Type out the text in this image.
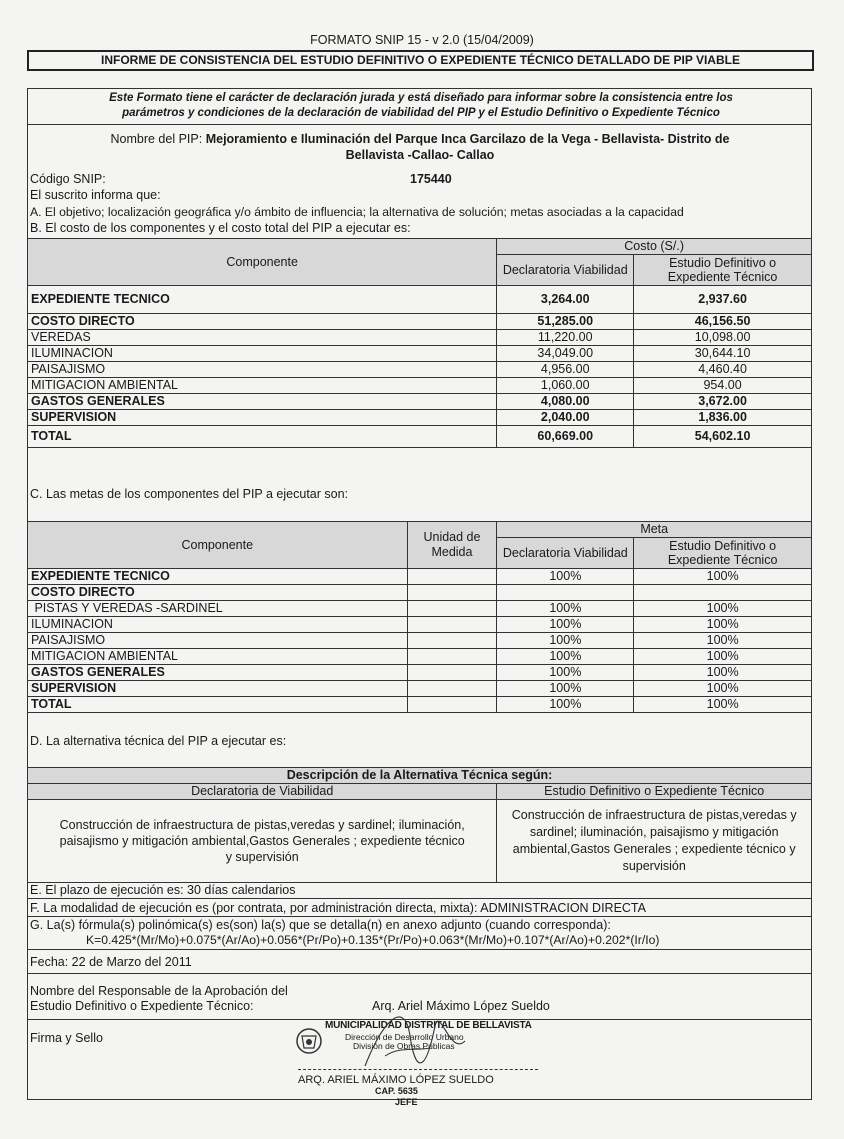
FORMATO SNIP 15 - v 2.0 (15/04/2009)
INFORME DE CONSISTENCIA DEL ESTUDIO DEFINITIVO O EXPEDIENTE TÉCNICO DETALLADO DE PIP VIABLE
Este Formato tiene el carácter de declaración jurada y está diseñado para informar sobre la consistencia entre los
parámetros y condiciones de la declaración de viabilidad del PIP y el Estudio Definitivo o Expediente Técnico
Nombre del PIP: Mejoramiento e Iluminación del Parque Inca Garcilazo de la Vega - Bellavista- Distrito de
Bellavista -Callao- Callao
Código SNIP:	175440
El suscrito informa que:
A. El objetivo; localización geográfica y/o ámbito de influencia; la alternativa de solución; metas asociadas a la capacidad
B. El costo de los componentes y el costo total del PIP a ejecutar es:
Componente	Costo (S/.)	
	Declaratoria Viabilidad	Estudio Definitivo o Expediente Técnico
EXPEDIENTE TECNICO	3,264.00	2,937.60
COSTO DIRECTO	51,285.00	46,156.50
VEREDAS	11,220.00	10,098.00
ILUMINACION	34,049.00	30,644.10
PAISAJISMO	4,956.00	4,460.40
MITIGACION AMBIENTAL	1,060.00	954.00
GASTOS GENERALES	4,080.00	3,672.00
SUPERVISION	2,040.00	1,836.00
TOTAL	60,669.00	54,602.10
C. Las metas de los componentes del PIP a ejecutar son:
Componente	Unidad de Medida	Meta	
		Declaratoria Viabilidad	Estudio Definitivo o Expediente Técnico
EXPEDIENTE TECNICO		100%	100%
COSTO DIRECTO			
PISTAS Y VEREDAS -SARDINEL		100%	100%
ILUMINACION		100%	100%
PAISAJISMO		100%	100%
MITIGACION AMBIENTAL		100%	100%
GASTOS GENERALES		100%	100%
SUPERVISION		100%	100%
TOTAL		100%	100%
D. La alternativa técnica del PIP a ejecutar es:
Descripción de la Alternativa Técnica según:	
Declaratoria de Viabilidad	Estudio Definitivo o Expediente Técnico
Construcción de infraestructura de pistas,veredas y sardinel; iluminación, paisajismo y mitigación ambiental,Gastos Generales ; expediente técnico y supervisión	Construcción de infraestructura de pistas,veredas y sardinel; iluminación, paisajismo y mitigación ambiental,Gastos Generales ; expediente técnico y supervisión
E. El plazo de ejecución es: 30 días calendarios
F. La modalidad de ejecución es (por contrata, por administración directa, mixta): ADMINISTRACION DIRECTA
G. La(s) fórmula(s) polinómica(s) es(son) la(s) que se detalla(n) en anexo adjunto (cuando corresponda):
K=0.425*(Mr/Mo)+0.075*(Ar/Ao)+0.056*(Pr/Po)+0.135*(Pr/Po)+0.063*(Mr/Mo)+0.107*(Ar/Ao)+0.202*(Ir/Io)
Fecha: 22 de Marzo del 2011
Nombre del Responsable de la Aprobación del
Estudio Definitivo o Expediente Técnico:	Arq. Ariel Máximo López Sueldo
Firma y Sello
MUNICIPALIDAD DISTRITAL DE BELLAVISTA
Dirección de Desarrollo Urbano
División de Obras Públicas
ARQ. ARIEL MÁXIMO LÓPEZ SUELDO
CAP. 5635
JEFE
